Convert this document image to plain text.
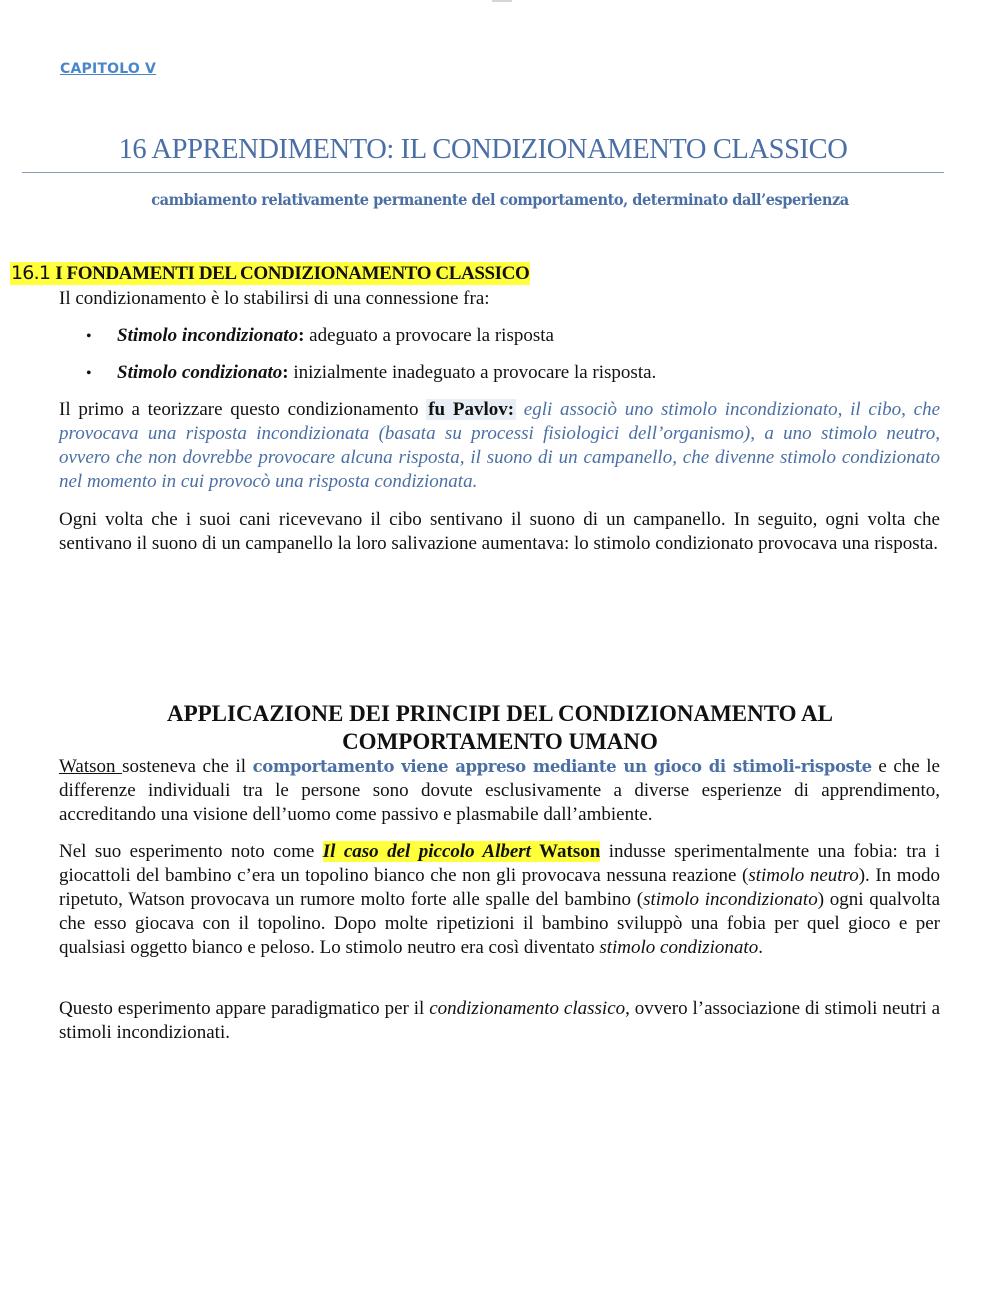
CAPITOLO V
16 APPRENDIMENTO: IL CONDIZIONAMENTO CLASSICO
cambiamento relativamente permanente del comportamento, determinato dall’esperienza
16.1 I FONDAMENTI DEL CONDIZIONAMENTO CLASSICO
Il condizionamento è lo stabilirsi di una connessione fra:
• Stimolo incondizionato: adeguato a provocare la risposta
• Stimolo condizionato: inizialmente inadeguato a provocare la risposta.
Il primo a teorizzare questo condizionamento fu Pavlov: egli associò uno stimolo incondizionato, il cibo, che provocava una risposta incondizionata (basata su processi fisiologici dell’organismo), a uno stimolo neutro, ovvero che non dovrebbe provocare alcuna risposta, il suono di un campanello, che divenne stimolo condizionato nel momento in cui provocò una risposta condizionata.
Ogni volta che i suoi cani ricevevano il cibo sentivano il suono di un campanello. In seguito, ogni volta che sentivano il suono di un campanello la loro salivazione aumentava: lo stimolo condizionato provocava una risposta.
APPLICAZIONE DEI PRINCIPI DEL CONDIZIONAMENTO AL
COMPORTAMENTO UMANO
Watson sosteneva che il comportamento viene appreso mediante un gioco di stimoli-risposte e che le differenze individuali tra le persone sono dovute esclusivamente a diverse esperienze di apprendimento, accreditando una visione dell’uomo come passivo e plasmabile dall’ambiente.
Nel suo esperimento noto come Il caso del piccolo Albert Watson indusse sperimentalmente una fobia: tra i giocattoli del bambino c’era un topolino bianco che non gli provocava nessuna reazione (stimolo neutro). In modo ripetuto, Watson provocava un rumore molto forte alle spalle del bambino (stimolo incondizionato) ogni qualvolta che esso giocava con il topolino. Dopo molte ripetizioni il bambino sviluppò una fobia per quel gioco e per qualsiasi oggetto bianco e peloso. Lo stimolo neutro era così diventato stimolo condizionato.
Questo esperimento appare paradigmatico per il condizionamento classico, ovvero l’associazione di stimoli neutri a stimoli incondizionati.
